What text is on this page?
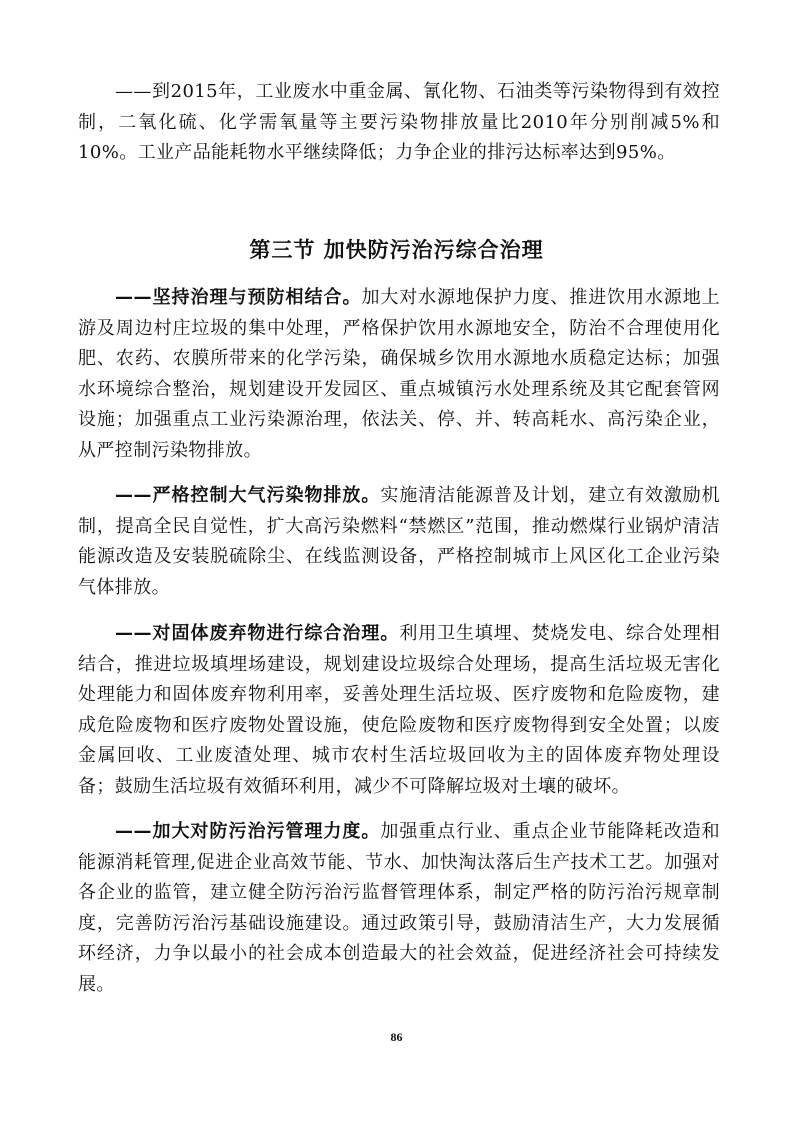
——到2015年，工业废水中重金属、氰化物、石油类等污染物得到有效控制，二氧化硫、化学需氧量等主要污染物排放量比2010年分别削减5%和10%。工业产品能耗物水平继续降低；力争企业的排污达标率达到95%。

第三节 加快防污治污综合治理

——坚持治理与预防相结合。加大对水源地保护力度、推进饮用水源地上游及周边村庄垃圾的集中处理，严格保护饮用水源地安全，防治不合理使用化肥、农药、农膜所带来的化学污染，确保城乡饮用水源地水质稳定达标；加强水环境综合整治，规划建设开发园区、重点城镇污水处理系统及其它配套管网设施；加强重点工业污染源治理，依法关、停、并、转高耗水、高污染企业，从严控制污染物排放。

——严格控制大气污染物排放。实施清洁能源普及计划，建立有效激励机制，提高全民自觉性，扩大高污染燃料“禁燃区”范围，推动燃煤行业锅炉清洁能源改造及安装脱硫除尘、在线监测设备，严格控制城市上风区化工企业污染气体排放。

——对固体废弃物进行综合治理。利用卫生填埋、焚烧发电、综合处理相结合，推进垃圾填埋场建设，规划建设垃圾综合处理场，提高生活垃圾无害化处理能力和固体废弃物利用率，妥善处理生活垃圾、医疗废物和危险废物，建成危险废物和医疗废物处置设施，使危险废物和医疗废物得到安全处置；以废金属回收、工业废渣处理、城市农村生活垃圾回收为主的固体废弃物处理设备；鼓励生活垃圾有效循环利用，减少不可降解垃圾对土壤的破坏。

——加大对防污治污管理力度。加强重点行业、重点企业节能降耗改造和能源消耗管理,促进企业高效节能、节水、加快淘汰落后生产技术工艺。加强对各企业的监管，建立健全防污治污监督管理体系，制定严格的防污治污规章制度，完善防污治污基础设施建设。通过政策引导，鼓励清洁生产，大力发展循环经济，力争以最小的社会成本创造最大的社会效益，促进经济社会可持续发展。

86
